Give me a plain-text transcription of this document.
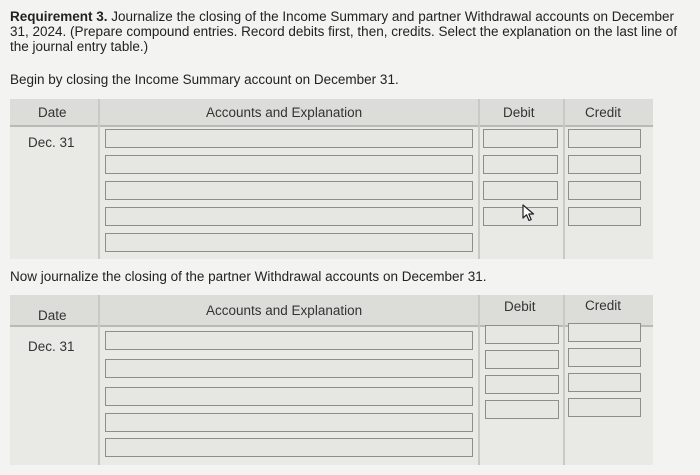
Requirement 3. Journalize the closing of the Income Summary and partner Withdrawal accounts on December 31, 2024. (Prepare compound entries. Record debits first, then, credits. Select the explanation on the last line of the journal entry table.)
Begin by closing the Income Summary account on December 31.
Date	Accounts and Explanation	Debit	Credit
Dec. 31
Now journalize the closing of the partner Withdrawal accounts on December 31.
Date	Accounts and Explanation	Debit	Credit
Dec. 31
